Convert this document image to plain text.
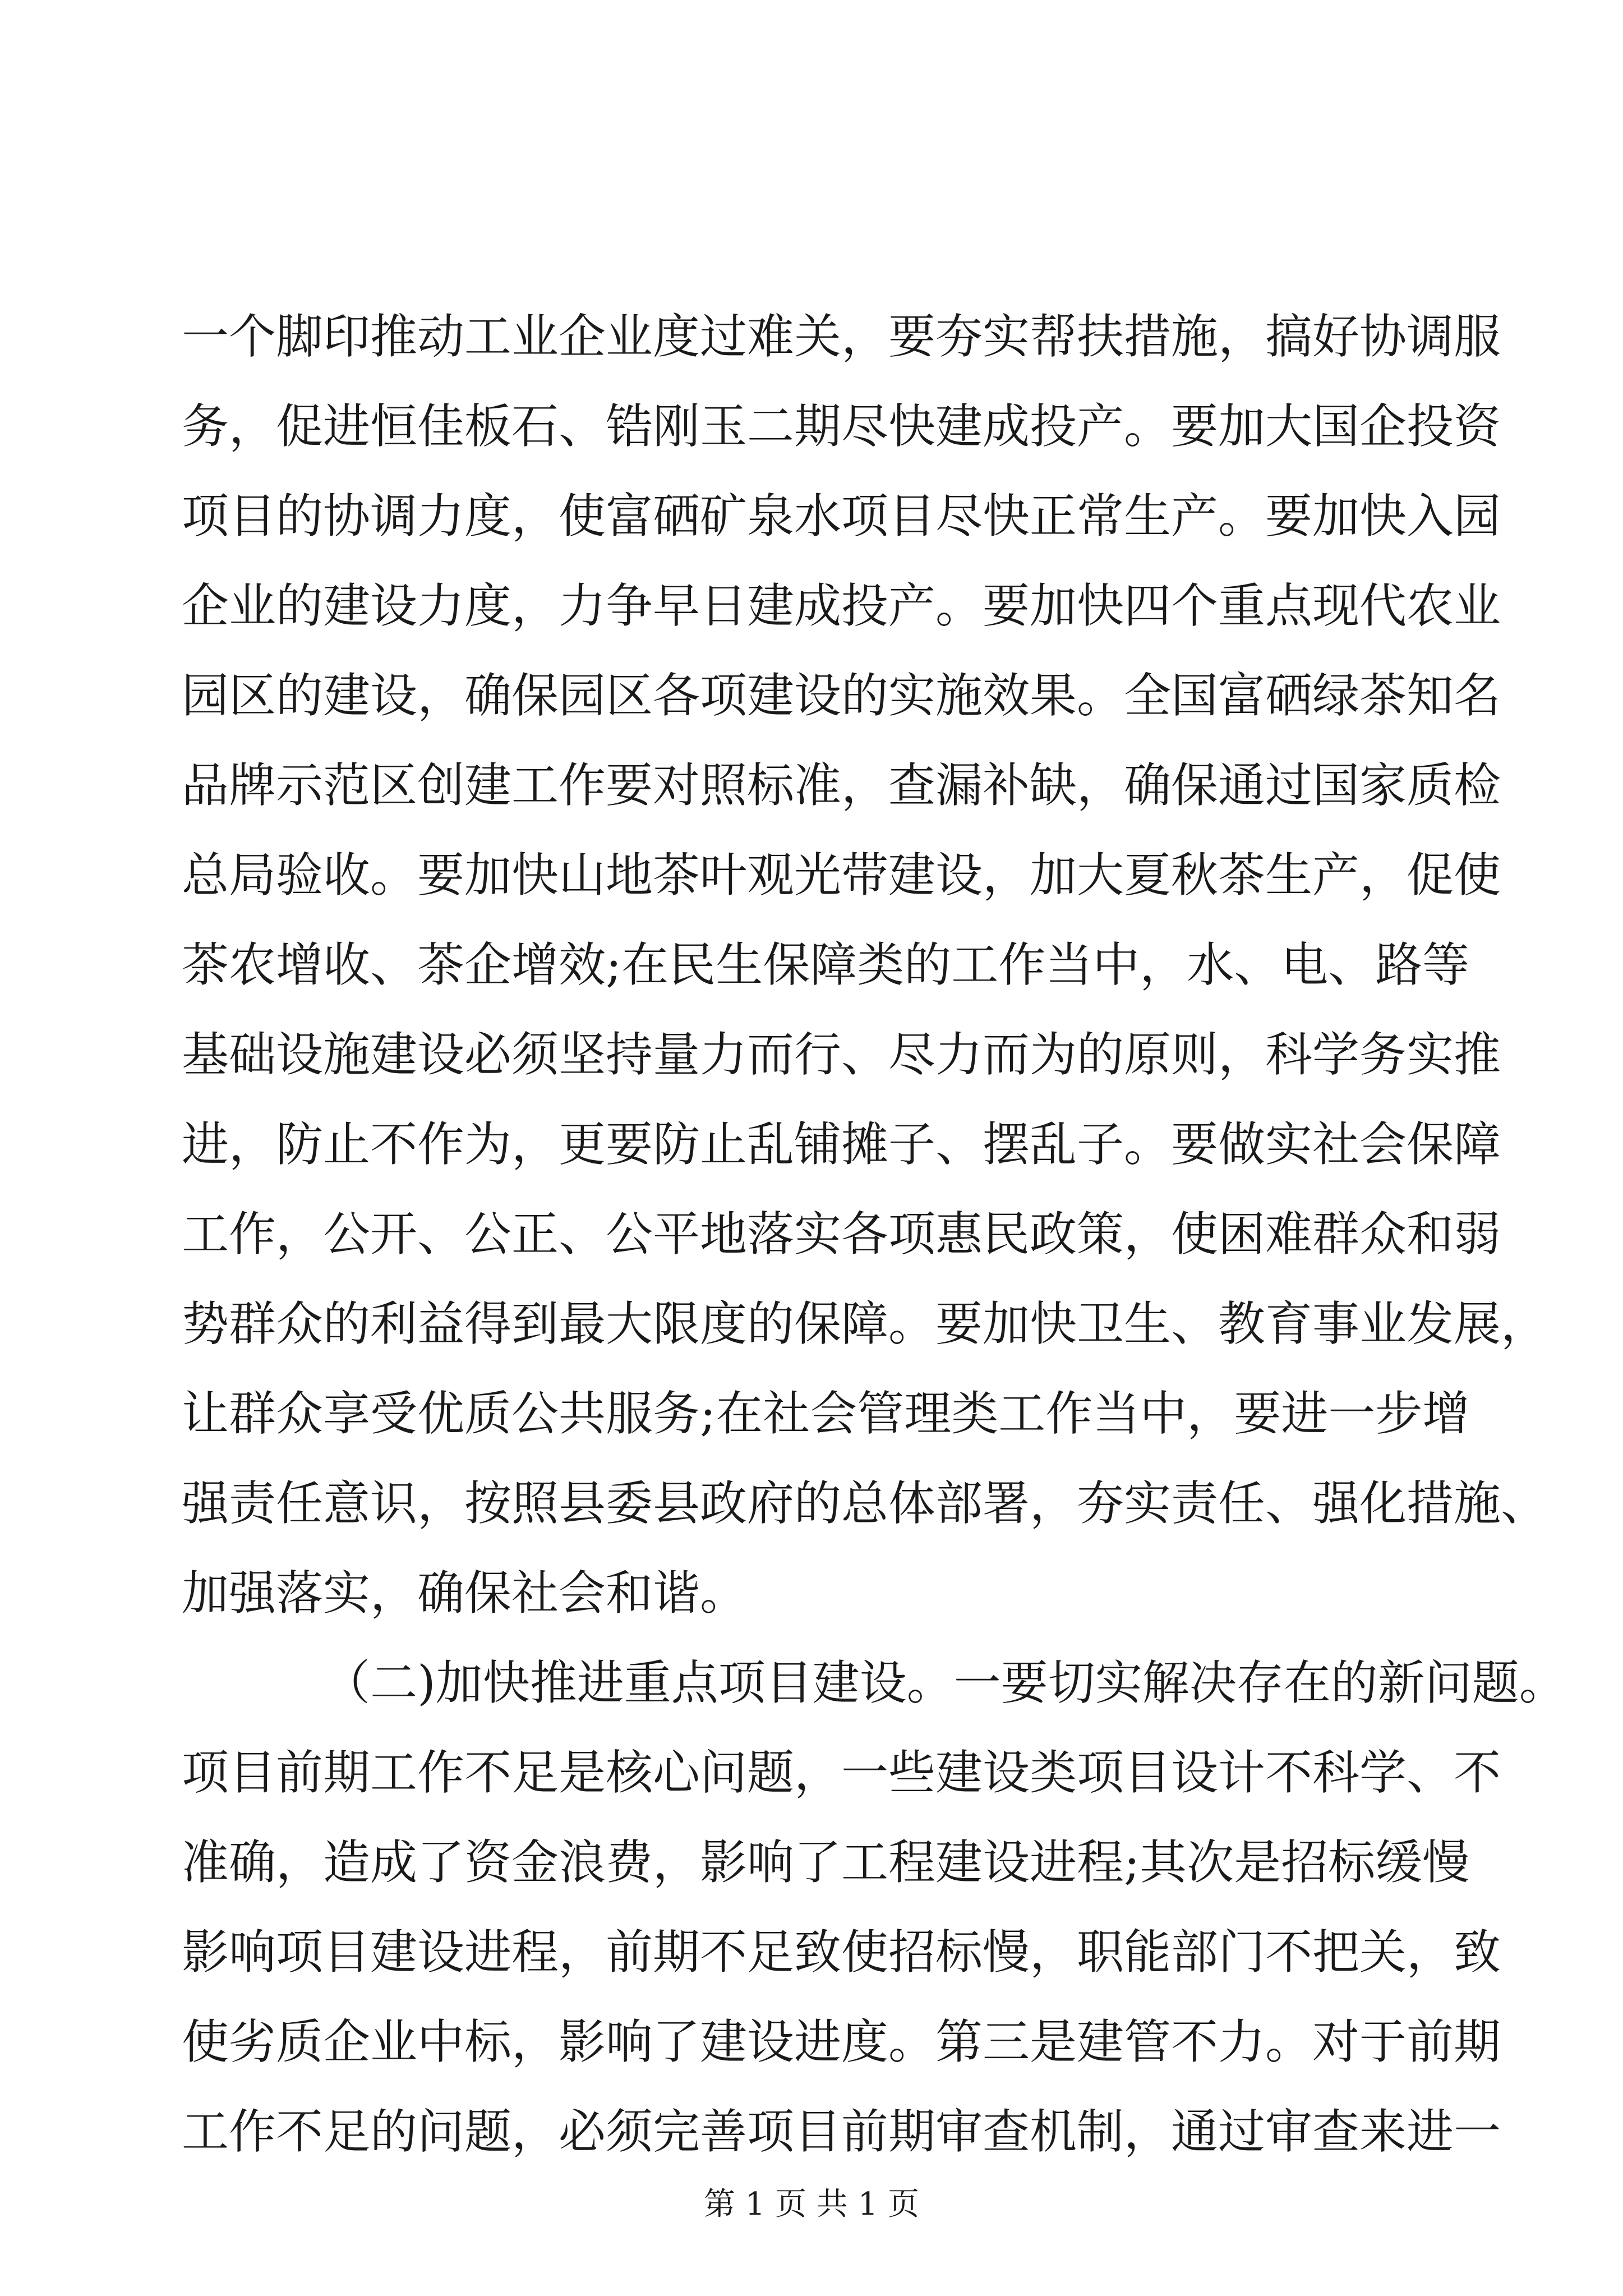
一个脚印推动工业企业度过难关，要夯实帮扶措施，搞好协调服
务，促进恒佳板石、锆刚玉二期尽快建成投产。要加大国企投资
项目的协调力度，使富硒矿泉水项目尽快正常生产。要加快入园
企业的建设力度，力争早日建成投产。要加快四个重点现代农业
园区的建设，确保园区各项建设的实施效果。全国富硒绿茶知名
品牌示范区创建工作要对照标准，查漏补缺，确保通过国家质检
总局验收。要加快山地茶叶观光带建设，加大夏秋茶生产，促使
茶农增收、茶企增效;在民生保障类的工作当中，水、电、路等
基础设施建设必须坚持量力而行、尽力而为的原则，科学务实推
进，防止不作为，更要防止乱铺摊子、摆乱子。要做实社会保障
工作，公开、公正、公平地落实各项惠民政策，使困难群众和弱
势群众的利益得到最大限度的保障。要加快卫生、教育事业发展，
让群众享受优质公共服务;在社会管理类工作当中，要进一步增
强责任意识，按照县委县政府的总体部署，夯实责任、强化措施、
加强落实，确保社会和谐。
（二)加快推进重点项目建设。一要切实解决存在的新问题。
项目前期工作不足是核心问题，一些建设类项目设计不科学、不
准确，造成了资金浪费，影响了工程建设进程;其次是招标缓慢
影响项目建设进程，前期不足致使招标慢，职能部门不把关，致
使劣质企业中标，影响了建设进度。第三是建管不力。对于前期
工作不足的问题，必须完善项目前期审查机制，通过审查来进一
第 1 页 共 1 页
